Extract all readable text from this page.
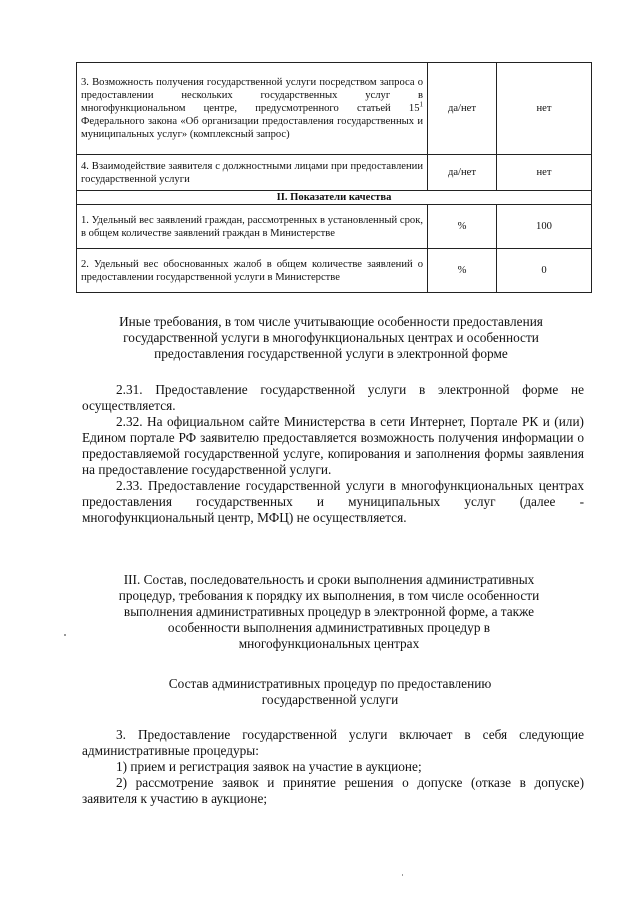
3. Возможность получения государственной услуги посредством запроса о предоставлении нескольких государственных услуг в многофункциональном центре, предусмотренного статьей $15^1$ Федерального закона «Об организации предоставления государственных и муниципальных услуг» (комплексный запрос)	да/нет	нет
4. Взаимодействие заявителя с должностными лицами при предоставлении государственной услуги	да/нет	нет
II. Показатели качества		
1. Удельный вес заявлений граждан, рассмотренных в установленный срок, в общем количестве заявлений граждан в Министерстве	%	100
2. Удельный вес обоснованных жалоб в общем количестве заявлений о предоставлении государственной услуги в Министерстве	%	0
Иные требования, в том числе учитывающие особенности предоставления государственной услуги в многофункциональных центрах и особенности предоставления государственной услуги в электронной форме

2.31. Предоставление государственной услуги в электронной форме не осуществляется.

2.32. На официальном сайте Министерства в сети Интернет, Портале РК и (или) Едином портале РФ заявителю предоставляется возможность получения информации о предоставляемой государственной услуге, копирования и заполнения формы заявления на предоставление государственной услуги.

2.33. Предоставление государственной услуги в многофункциональных центрах предоставления государственных и муниципальных услуг (далее - многофункциональный центр, МФЦ) не осуществляется.

III. Состав, последовательность и сроки выполнения административных процедур, требования к порядку их выполнения, в том числе особенности выполнения административных процедур в электронной форме, а также особенности выполнения административных процедур в многофункциональных центрах
Состав административных процедур по предоставлению государственной услуги

3. Предоставление государственной услуги включает в себя следующие административные процедуры:

1) прием и регистрация заявок на участие в аукционе;

2) рассмотрение заявок и принятие решения о допуске (отказе в допуске) заявителя к участию в аукционе;
